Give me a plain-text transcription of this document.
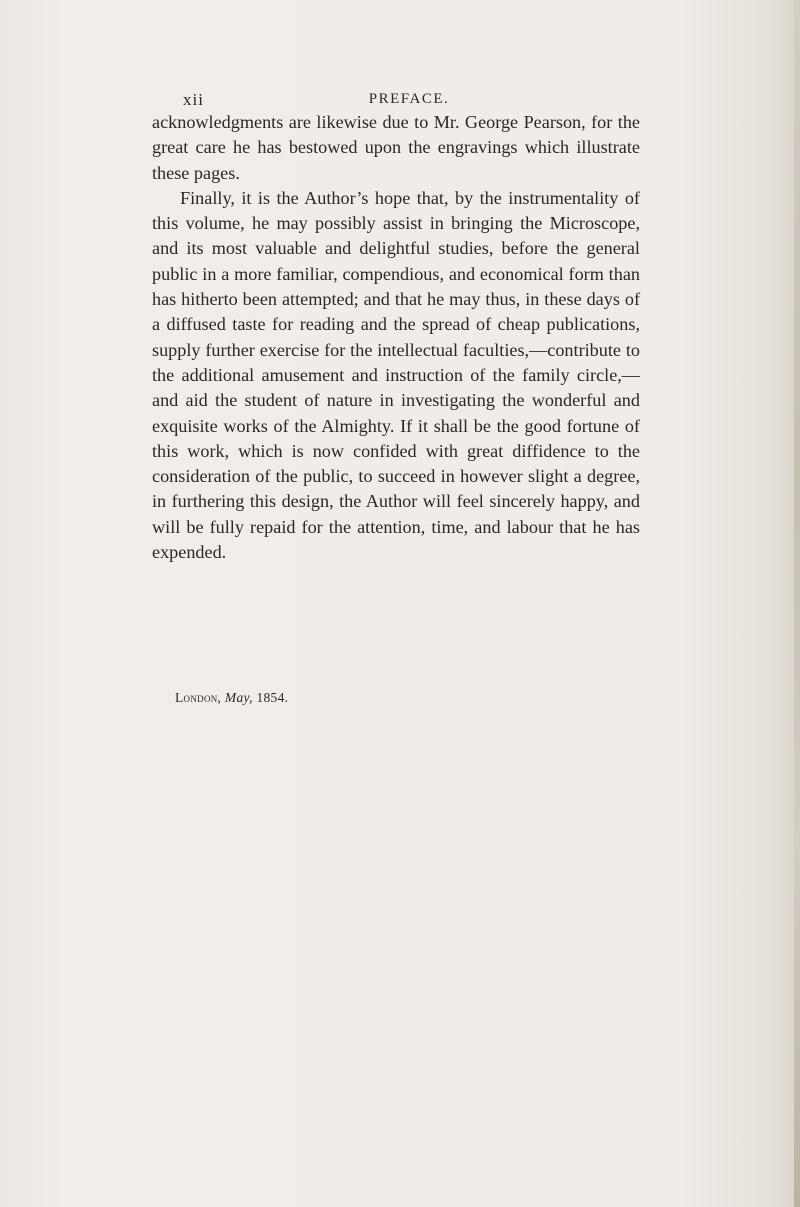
xii	PREFACE.

acknowledgments are likewise due to Mr. George Pearson, for the great care he has bestowed upon the engravings which illustrate these pages.

Finally, it is the Author’s hope that, by the instrumentality of this volume, he may possibly assist in bringing the Microscope, and its most valuable and delightful studies, before the general public in a more familiar, compendious, and economical form than has hitherto been attempted; and that he may thus, in these days of a diffused taste for reading and the spread of cheap publications, supply further exercise for the intellectual faculties,—contribute to the additional amusement and instruction of the family circle,—and aid the student of nature in investigating the wonderful and exquisite works of the Almighty. If it shall be the good fortune of this work, which is now confided with great diffidence to the consideration of the public, to succeed in however slight a degree, in furthering this design, the Author will feel sincerely happy, and will be fully repaid for the attention, time, and labour that he has expended.

London, May, 1854.
